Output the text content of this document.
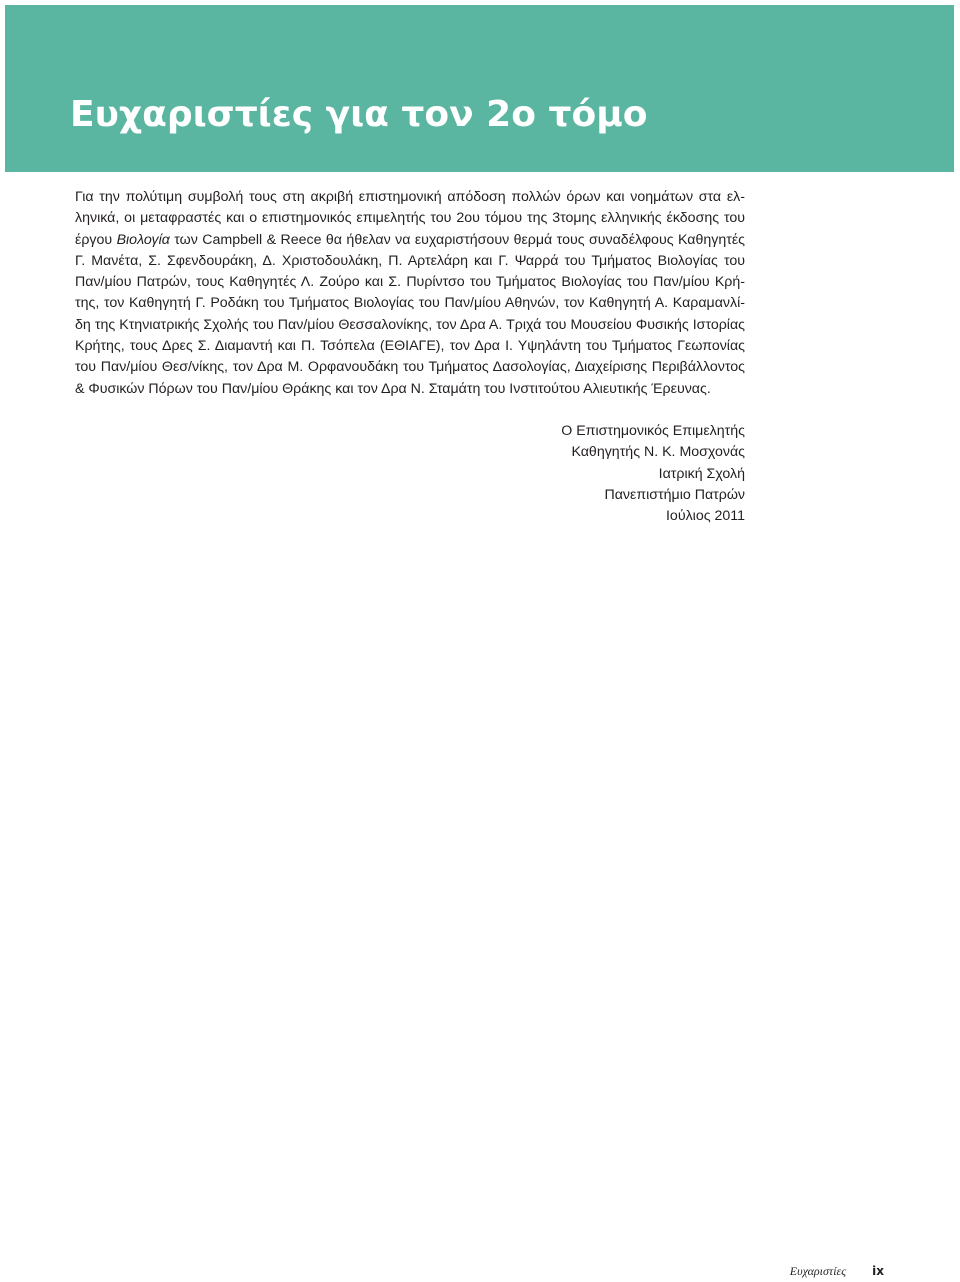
Ευχαριστίες για τον 2ο τόμο

Για την πολύτιμη συμβολή τους στη ακριβή επιστημονική απόδοση πολλών όρων και νοημάτων στα ελληνικά, οι μεταφραστές και ο επιστημονικός επιμελητής του 2ου τόμου της 3τομης ελληνικής έκδοσης του έργου Βιολογία των Campbell & Reece θα ήθελαν να ευχαριστήσουν θερμά τους συναδέλφους Καθηγητές Γ. Μανέτα, Σ. Σφενδουράκη, Δ. Χριστοδουλάκη, Π. Αρτελάρη και Γ. Ψαρρά του Τμήματος Βιολογίας του Παν/μίου Πατρών, τους Καθηγητές Λ. Ζούρο και Σ. Πυρίντσο του Τμήματος Βιολογίας του Παν/μίου Κρήτης, τον Καθηγητή Γ. Ροδάκη του Τμήματος Βιολογίας του Παν/μίου Αθηνών, τον Καθηγητή Α. Καραμανλίδη της Κτηνιατρικής Σχολής του Παν/μίου Θεσσαλονίκης, τον Δρα Α. Τριχά του Μουσείου Φυσικής Ιστορίας Κρήτης, τους Δρες Σ. Διαμαντή και Π. Τσόπελα (ΕΘΙΑΓΕ), τον Δρα Ι. Υψηλάντη του Τμήματος Γεωπονίας του Παν/μίου Θεσ/νίκης, τον Δρα Μ. Ορφανουδάκη του Τμήματος Δασολογίας, Διαχείρισης Περιβάλλοντος & Φυσικών Πόρων του Παν/μίου Θράκης και τον Δρα Ν. Σταμάτη του Ινστιτούτου Αλιευτικής Έρευνας.

Ο Επιστημονικός Επιμελητής
Καθηγητής Ν. Κ. Μοσχονάς
Ιατρική Σχολή
Πανεπιστήμιο Πατρών
Ιούλιος 2011
Ευχαριστίες ix
